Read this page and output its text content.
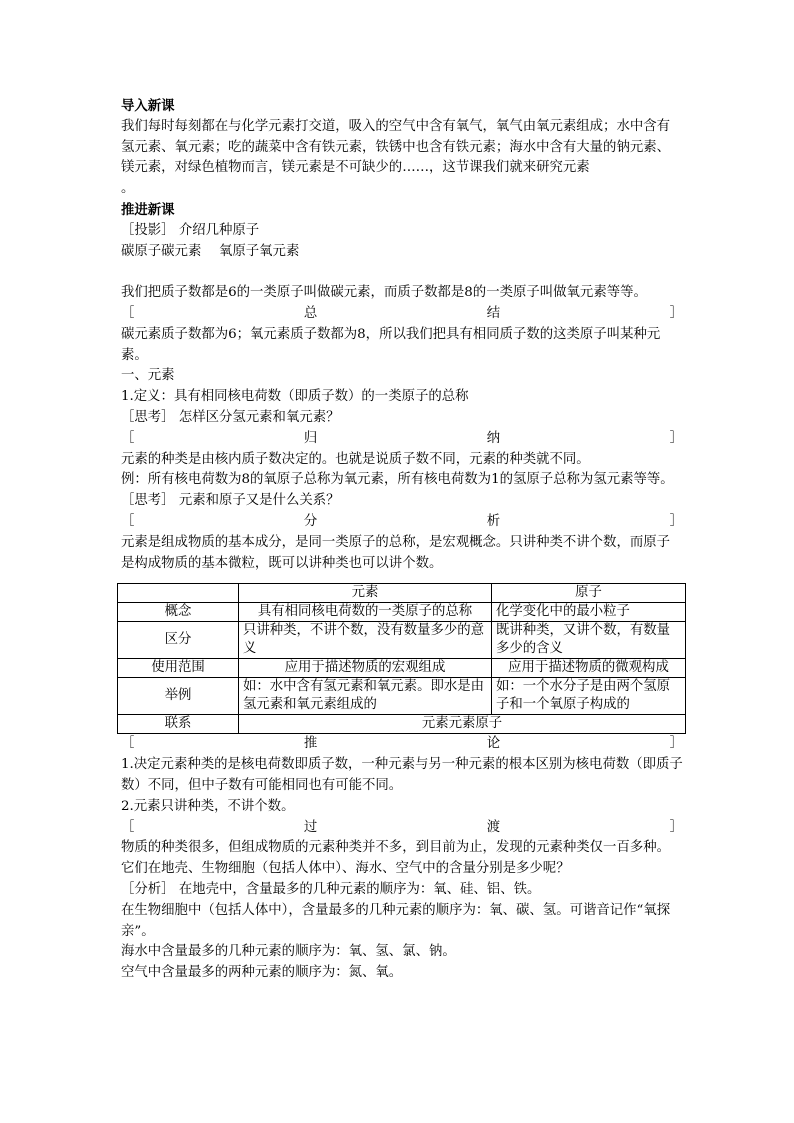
导入新课

我们每时每刻都在与化学元素打交道，吸入的空气中含有氧气，氧气由氧元素组成；水中含有氢元素、氧元素；吃的蔬菜中含有铁元素，铁锈中也含有铁元素；海水中含有大量的钠元素、镁元素，对绿色植物而言，镁元素是不可缺少的……，这节课我们就来研究元素
。

推进新课

［投影］ 介绍几种原子

碳原子碳元素　 氧原子氧元素

我们把质子数都是6的一类原子叫做碳元素，而质子数都是8的一类原子叫做氧元素等等。

［	总	结	］

碳元素质子数都为6；氧元素质子数都为8，所以我们把具有相同质子数的这类原子叫某种元素。

一、元素

1.定义：具有相同核电荷数（即质子数）的一类原子的总称

［思考］ 怎样区分氢元素和氧元素？

［	归	纳	］

元素的种类是由核内质子数决定的。也就是说质子数不同，元素的种类就不同。

例：所有核电荷数为8的氧原子总称为氧元素，所有核电荷数为1的氢原子总称为氢元素等等。

［思考］ 元素和原子又是什么关系？

［	分	析	］

元素是组成物质的基本成分，是同一类原子的总称，是宏观概念。只讲种类不讲个数，而原子是构成物质的基本微粒，既可以讲种类也可以讲个数。

	元素	原子
概念	具有相同核电荷数的一类原子的总称	化学变化中的最小粒子
区分	只讲种类，不讲个数，没有数量多少的意义	既讲种类，又讲个数，有数量多少的含义
使用范围	应用于描述物质的宏观组成	应用于描述物质的微观构成
举例	如：水中含有氢元素和氧元素。即水是由氢元素和氧元素组成的	如：一个水分子是由两个氢原子和一个氧原子构成的
联系	元素元素原子	

［	推	论	］

1.决定元素种类的是核电荷数即质子数，一种元素与另一种元素的根本区别为核电荷数（即质子数）不同，但中子数有可能相同也有可能不同。

2.元素只讲种类，不讲个数。

［	过	渡	］

物质的种类很多，但组成物质的元素种类并不多，到目前为止，发现的元素种类仅一百多种。它们在地壳、生物细胞（包括人体中）、海水、空气中的含量分别是多少呢？

［分析］ 在地壳中，含量最多的几种元素的顺序为：氧、硅、铝、铁。

在生物细胞中（包括人体中），含量最多的几种元素的顺序为：氧、碳、氢。可谐音记作“氧探亲”。

海水中含量最多的几种元素的顺序为：氧、氢、氯、钠。

空气中含量最多的两种元素的顺序为：氮、氧。
